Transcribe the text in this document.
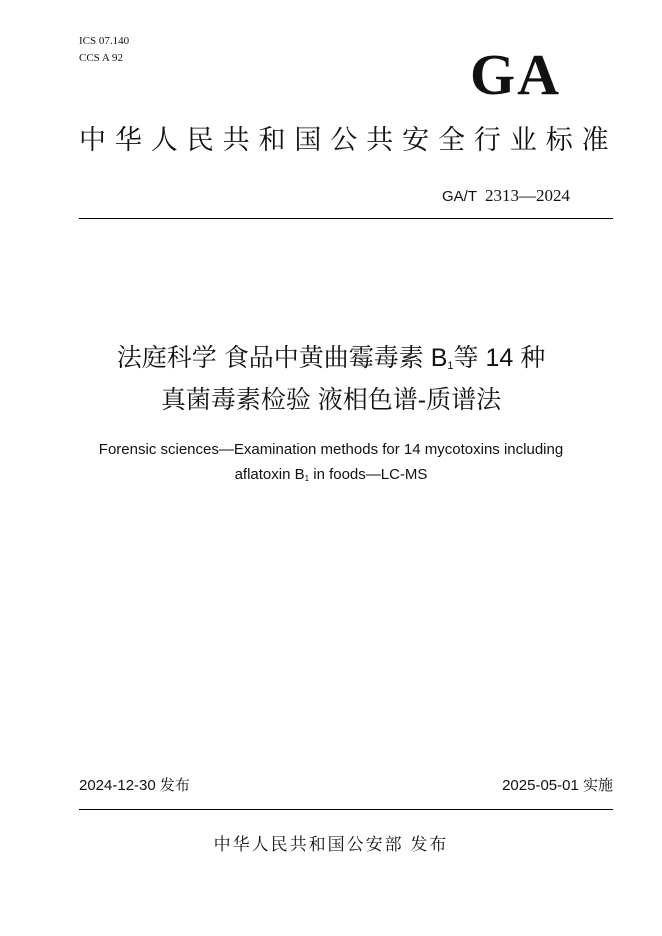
ICS 07.140
CCS A 92	GA
中华人民共和国公共安全行业标准
GA/T 2313—2024
法庭科学 食品中黄曲霉毒素 $B_1$等 14 种
真菌毒素检验 液相色谱-质谱法
Forensic sciences—Examination methods for 14 mycotoxins including
aflatoxin $B_1$ in foods—LC-MS
2024-12-30 发布	2025-05-01 实施
中华人民共和国公安部 发布
